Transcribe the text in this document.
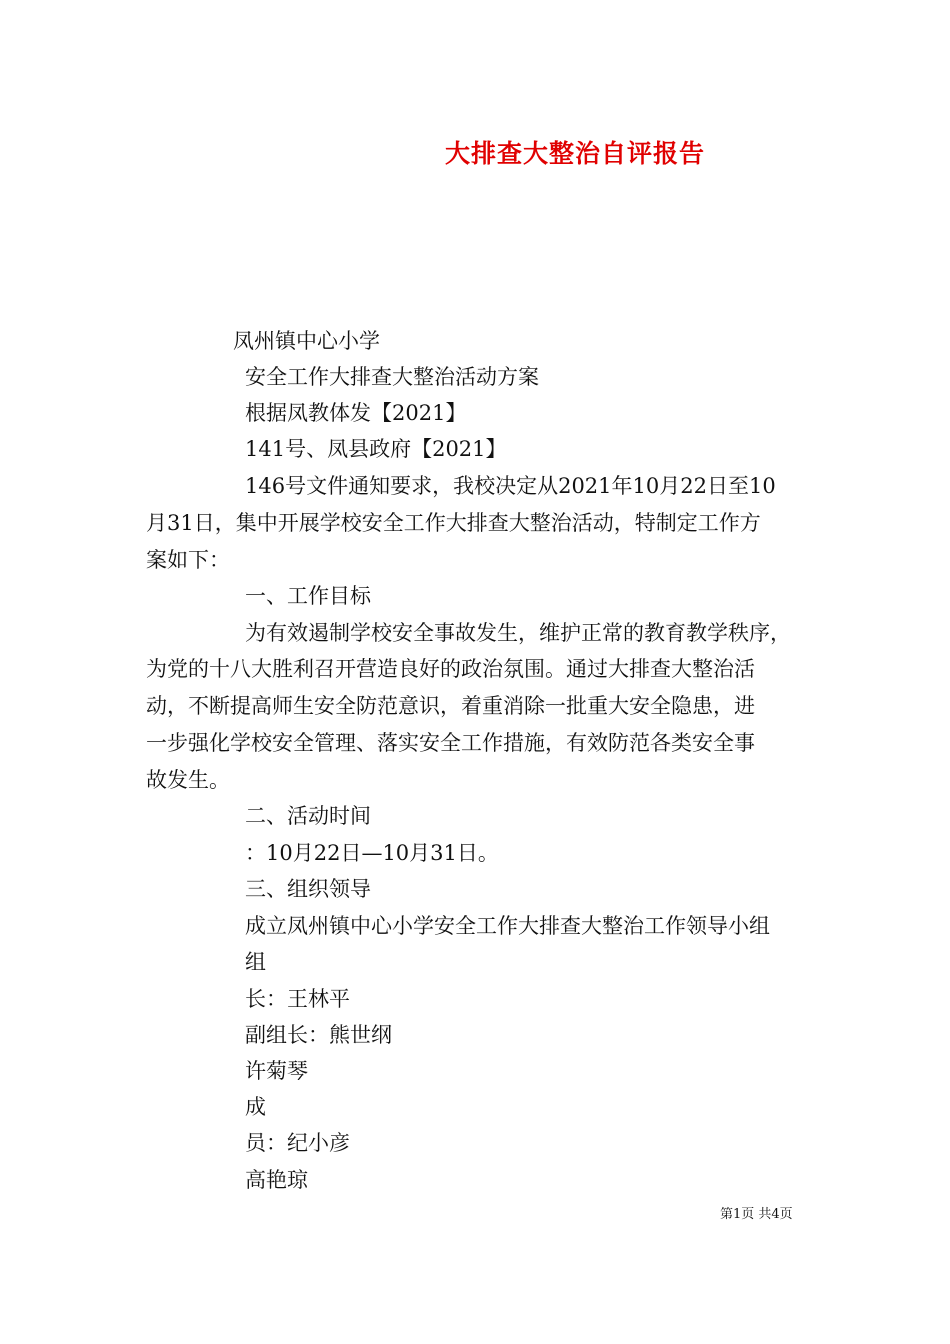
大排查大整治自评报告
凤州镇中心小学
安全工作大排查大整治活动方案
根据凤教体发【2021】
141号、凤县政府【2021】
146号文件通知要求，我校决定从2021年10月22日至10
月31日，集中开展学校安全工作大排查大整治活动，特制定工作方
案如下：
一、工作目标
为有效遏制学校安全事故发生，维护正常的教育教学秩序，
为党的十八大胜利召开营造良好的政治氛围。通过大排查大整治活
动，不断提高师生安全防范意识，着重消除一批重大安全隐患，进
一步强化学校安全管理、落实安全工作措施，有效防范各类安全事
故发生。
二、活动时间
：10月22日—10月31日。
三、组织领导
成立凤州镇中心小学安全工作大排查大整治工作领导小组
组
长：王林平
副组长：熊世纲
许菊琴
成
员：纪小彦
高艳琼
第1页 共4页
